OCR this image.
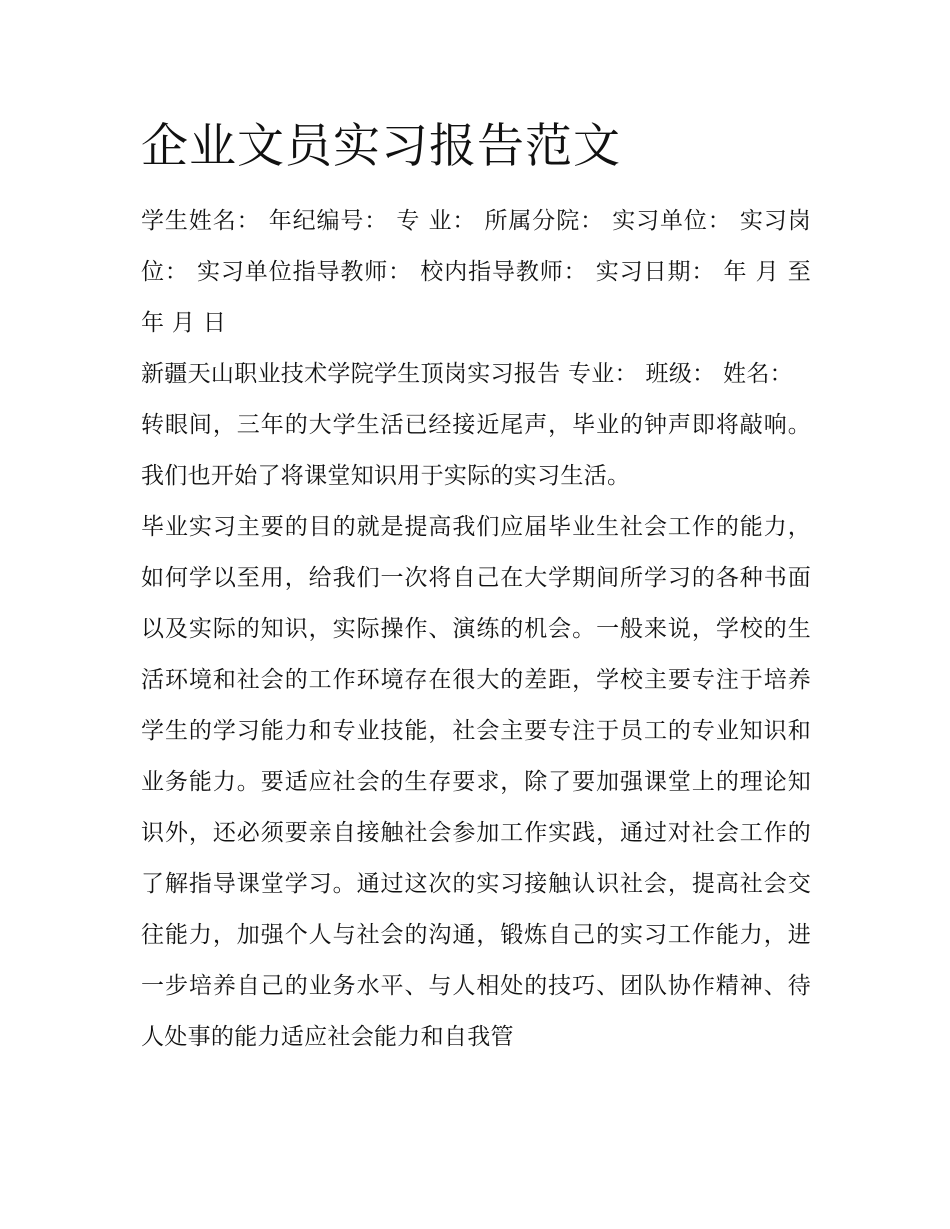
企业文员实习报告范文

学生姓名： 年纪编号： 专 业： 所属分院： 实习单位： 实习岗位： 实习单位指导教师： 校内指导教师： 实习日期： 年 月 至 年 月 日

新疆天山职业技术学院学生顶岗实习报告 专业： 班级： 姓名：

转眼间，三年的大学生活已经接近尾声，毕业的钟声即将敲响。我们也开始了将课堂知识用于实际的实习生活。

毕业实习主要的目的就是提高我们应届毕业生社会工作的能力，如何学以至用，给我们一次将自己在大学期间所学习的各种书面以及实际的知识，实际操作、演练的机会。一般来说，学校的生活环境和社会的工作环境存在很大的差距，学校主要专注于培养学生的学习能力和专业技能，社会主要专注于员工的专业知识和业务能力。要适应社会的生存要求，除了要加强课堂上的理论知识外，还必须要亲自接触社会参加工作实践，通过对社会工作的了解指导课堂学习。通过这次的实习接触认识社会，提高社会交往能力，加强个人与社会的沟通，锻炼自己的实习工作能力，进一步培养自己的业务水平、与人相处的技巧、团队协作精神、待人处事的能力适应社会能力和自我管
